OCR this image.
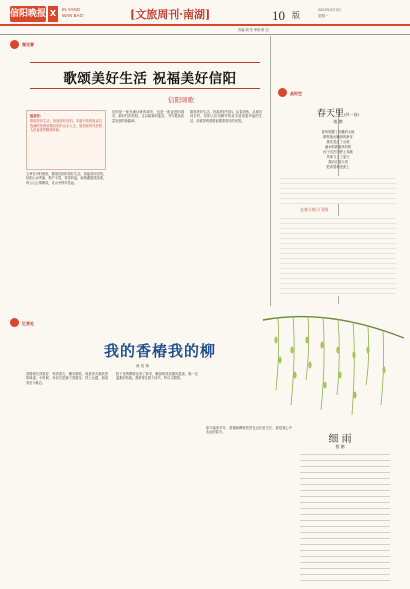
信阳晚报 X	IN YANG
WAN BAO	[文旅周刊·南湖]	10 版
2023年4月3日
星期一
责编:胡 雪 审校:陈 洁
湖光春
歌颂美好生活 祝福美好信阳
信阳颂歌
编者按:
歌颂美好生活，祝福美好信阳。本版刊发的组诗以饱满的热情讴歌信阳的山水人文，展现新时代信阳人民奋进的精神风貌。
文章在内时候里，歌颂信阳的美好生活，祝福美好信阳。信阳山水秀丽，物产丰饶，茶香四溢，南湾湖碧波荡漾，鸡公山云雾缭绕，灵山寺钟声悠远。
信阳是一座充满诗意的城市，也是一座奋进的城市。新时代的信阳，正以崭新的姿态，书写着高质量发展的新篇章。
歌颂美好生活，祝福美好信阳。从春到秋，从城市到乡村，信阳人民用勤劳的双手创造着幸福的生活，用真挚的情感讴歌着美好的家园。
品时空
春天里(外一首)
楼 鹏
春风吹醒了沉睡的大地
柳枝抽出嫩绿的新芽
桃花笑红了山坡
溪水唱着欢快的歌
孩子们在田野上奔跑
风筝飞上了蓝天
我站在春天里
把希望种进泥土
在春天格习飞翔
细 雨
楼 鹏
忆茶处
我的香椿我的柳
黄 信 林
香椿树长得很好，每到春天，嫩芽满枝，那是家乡最熟悉的味道。小时候，母亲总是摘下香椿芽，拌上豆腐，那清香至今难忘。
院子里的柳树也发了新芽，嫩绿的枝条随风摇曳，像一位温柔的姑娘。我常常在树下读书，听鸟儿歌唱。
如今离家多年，香椿和柳树依然在记忆里生长，那是我心中永远的春天。
